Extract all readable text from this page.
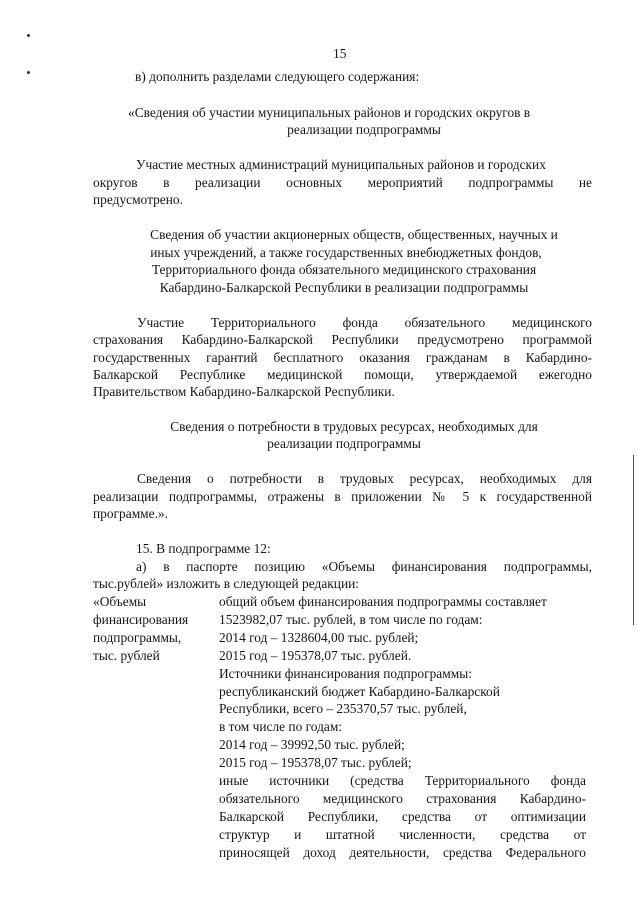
15
в) дополнить разделами следующего содержания:
«Сведения об участии муниципальных районов и городских округов в
реализации подпрограммы
Участие местных администраций муниципальных районов и городских
округов в реализации основных мероприятий подпрограммы не
предусмотрено.
Сведения об участии акционерных обществ, общественных, научных и
иных учреждений, а также государственных внебюджетных фондов,
Территориального фонда обязательного медицинского страхования
Кабардино-Балкарской Республики в реализации подпрограммы
Участие Территориального фонда обязательного медицинского
страхования Кабардино-Балкарской Республики предусмотрено программой
государственных гарантий бесплатного оказания гражданам в Кабардино-
Балкарской Республике медицинской помощи, утверждаемой ежегодно
Правительством Кабардино-Балкарской Республики.
Сведения о потребности в трудовых ресурсах, необходимых для
реализации подпрограммы
Сведения о потребности в трудовых ресурсах, необходимых для
реализации подпрограммы, отражены в приложении № 5 к государственной
программе.».
15. В подпрограмме 12:
а) в паспорте позицию «Объемы финансирования подпрограммы,
тыс.рублей» изложить в следующей редакции:
«Объемы
финансирования
подпрограммы,
тыс. рублей
общий объем финансирования подпрограммы составляет
1523982,07 тыс. рублей, в том числе по годам:
2014 год – 1328604,00 тыс. рублей;
2015 год – 195378,07 тыс. рублей.
Источники финансирования подпрограммы:
республиканский бюджет Кабардино-Балкарской
Республики, всего – 235370,57 тыс. рублей,
в том числе по годам:
2014 год – 39992,50 тыс. рублей;
2015 год – 195378,07 тыс. рублей;
иные источники (средства Территориального фонда
обязательного медицинского страхования Кабардино-
Балкарской Республики, средства от оптимизации
структур и штатной численности, средства от
приносящей доход деятельности, средства Федерального
